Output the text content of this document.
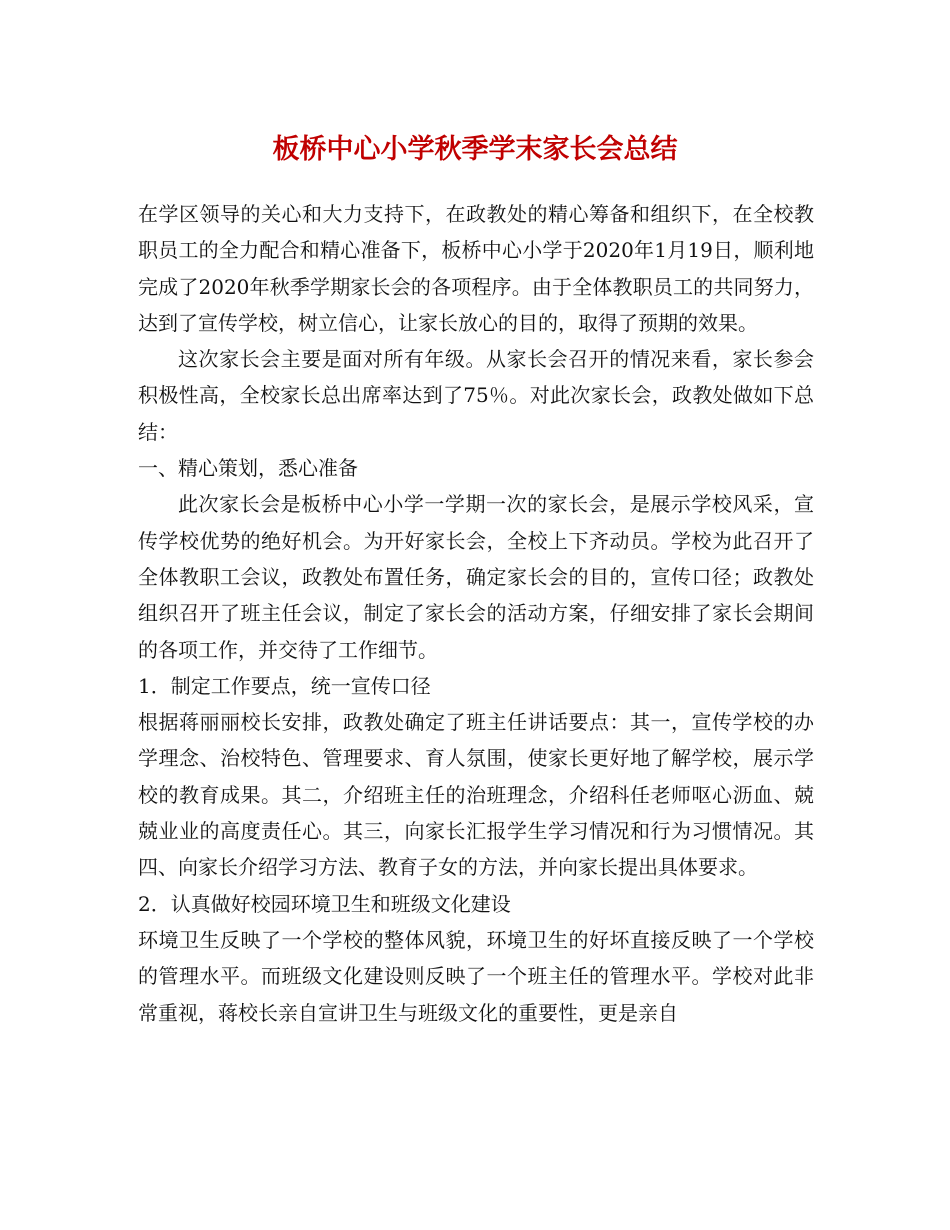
板桥中心小学秋季学末家长会总结

在学区领导的关心和大力支持下，在政教处的精心筹备和组织下，在全校教职员工的全力配合和精心准备下，板桥中心小学于2020年1月19日，顺利地完成了2020年秋季学期家长会的各项程序。由于全体教职员工的共同努力，达到了宣传学校，树立信心，让家长放心的目的，取得了预期的效果。

这次家长会主要是面对所有年级。从家长会召开的情况来看，家长参会积极性高，全校家长总出席率达到了75％。对此次家长会，政教处做如下总结：

一、精心策划，悉心准备

此次家长会是板桥中心小学一学期一次的家长会，是展示学校风采，宣传学校优势的绝好机会。为开好家长会，全校上下齐动员。学校为此召开了全体教职工会议，政教处布置任务，确定家长会的目的，宣传口径；政教处组织召开了班主任会议，制定了家长会的活动方案，仔细安排了家长会期间的各项工作，并交待了工作细节。

1．制定工作要点，统一宣传口径

根据蒋丽丽校长安排，政教处确定了班主任讲话要点：其一，宣传学校的办学理念、治校特色、管理要求、育人氛围，使家长更好地了解学校，展示学校的教育成果。其二，介绍班主任的治班理念，介绍科任老师呕心沥血、兢兢业业的高度责任心。其三，向家长汇报学生学习情况和行为习惯情况。其四、向家长介绍学习方法、教育子女的方法，并向家长提出具体要求。

2．认真做好校园环境卫生和班级文化建设

环境卫生反映了一个学校的整体风貌，环境卫生的好坏直接反映了一个学校的管理水平。而班级文化建设则反映了一个班主任的管理水平。学校对此非常重视，蒋校长亲自宣讲卫生与班级文化的重要性，更是亲自
